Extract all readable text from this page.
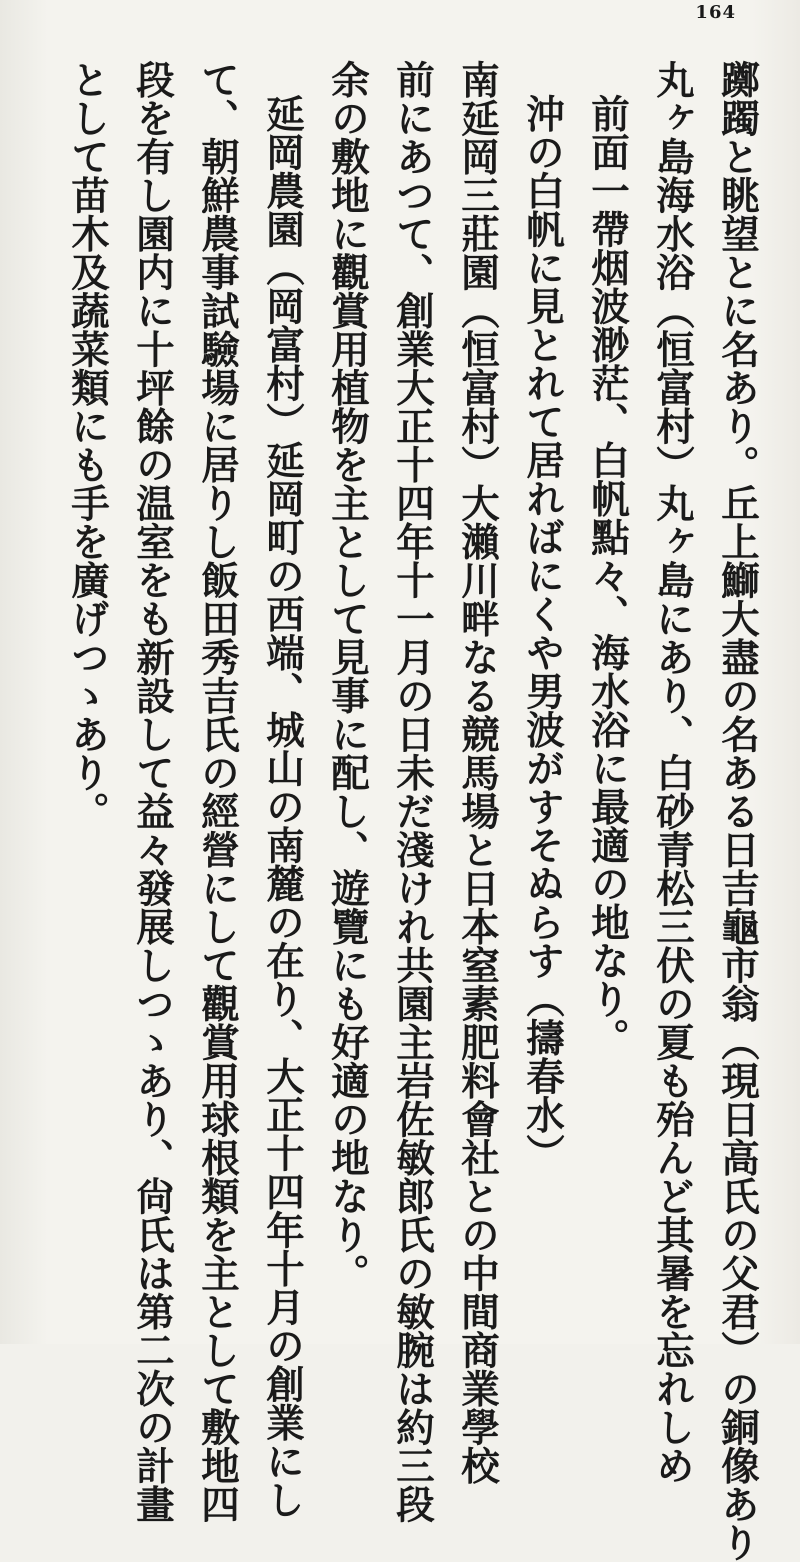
164
躑躅と眺望とに名あり。丘上鰤大盡の名ある日吉龜市翁（現日高氏の父君）の銅像あり
丸ヶ島海水浴（恒富村）丸ヶ島にあり、白砂青松三伏の夏も殆んど其暑を忘れしめ
前面一帶烟波渺茫、白帆點々、海水浴に最適の地なり。
沖の白帆に見とれて居ればにくや男波がすそぬらす（擣春水）
南延岡三莊園（恒富村）大瀨川畔なる競馬場と日本窒素肥料會社との中間商業學校
前にあつて、創業大正十四年十一月の日未だ淺けれ共園主岩佐敏郎氏の敏腕は約三段
余の敷地に觀賞用植物を主として見事に配し、遊覽にも好適の地なり。
延岡農園（岡富村）延岡町の西端、城山の南麓の在り、大正十四年十月の創業にし
て、朝鮮農事試驗場に居りし飯田秀吉氏の經營にして觀賞用球根類を主として敷地四
段を有し園内に十坪餘の温室をも新設して益々發展しつゝあり、尙氏は第二次の計畫
として苗木及蔬菜類にも手を廣げつゝあり。
